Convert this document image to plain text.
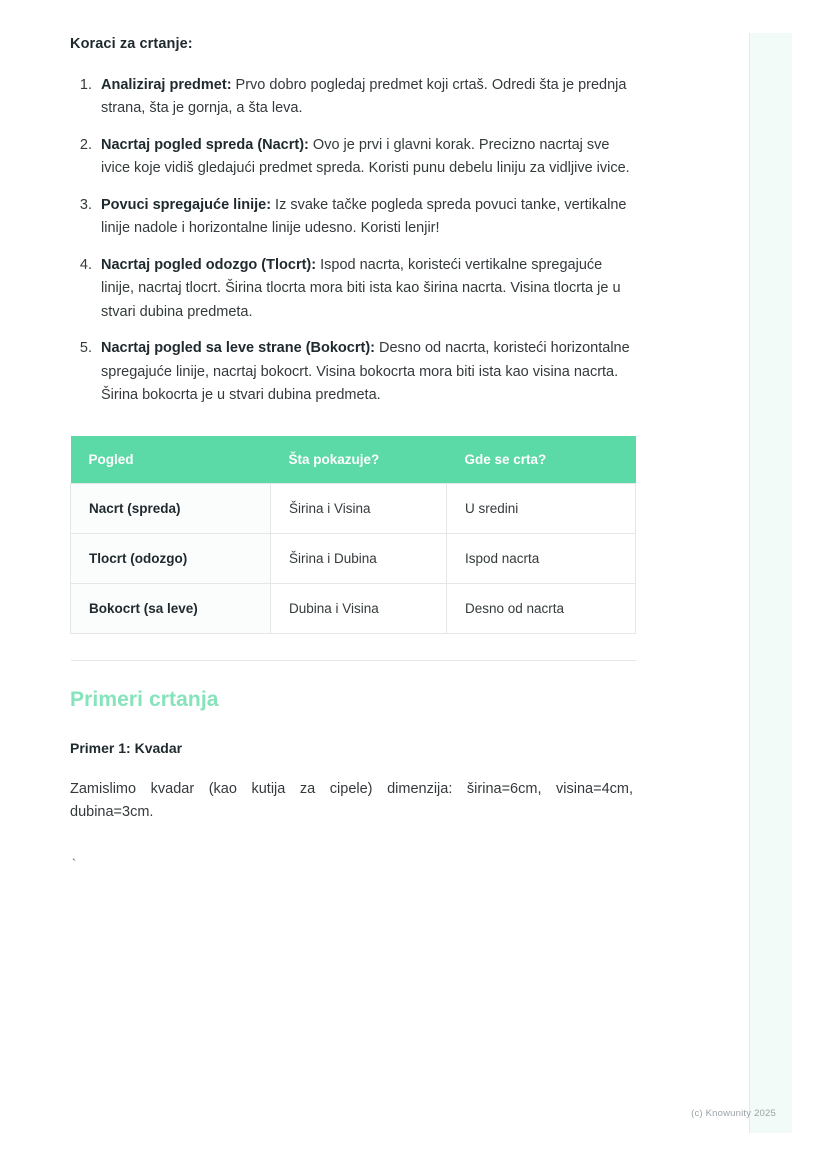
Koraci za crtanje:
1. Analiziraj predmet: Prvo dobro pogledaj predmet koji crtaš. Odredi šta je prednja strana, šta je gornja, a šta leva.
2. Nacrtaj pogled spreda (Nacrt): Ovo je prvi i glavni korak. Precizno nacrtaj sve ivice koje vidiš gledajući predmet spreda. Koristi punu debelu liniju za vidljive ivice.
3. Povuci spregajuće linije: Iz svake tačke pogleda spreda povuci tanke, vertikalne linije nadole i horizontalne linije udesno. Koristi lenjir!
4. Nacrtaj pogled odozgo (Tlocrt): Ispod nacrta, koristeći vertikalne spregajuće linije, nacrtaj tlocrt. Širina tlocrta mora biti ista kao širina nacrta. Visina tlocrta je u stvari dubina predmeta.
5. Nacrtaj pogled sa leve strane (Bokocrt): Desno od nacrta, koristeći horizontalne spregajuće linije, nacrtaj bokocrt. Visina bokocrta mora biti ista kao visina nacrta. Širina bokocrta je u stvari dubina predmeta.
Pogled	Šta pokazuje?	Gde se crta?
Nacrt (spreda)	Širina i Visina	U sredini
Tlocrt (odozgo)	Širina i Dubina	Ispod nacrta
Bokocrt (sa leve)	Dubina i Visina	Desno od nacrta
Primeri crtanja
Primer 1: Kvadar

Zamislimo kvadar (kao kutija za cipele) dimenzija: širina=6cm, visina=4cm, dubina=3cm.

`
(c) Knowunity 2025
